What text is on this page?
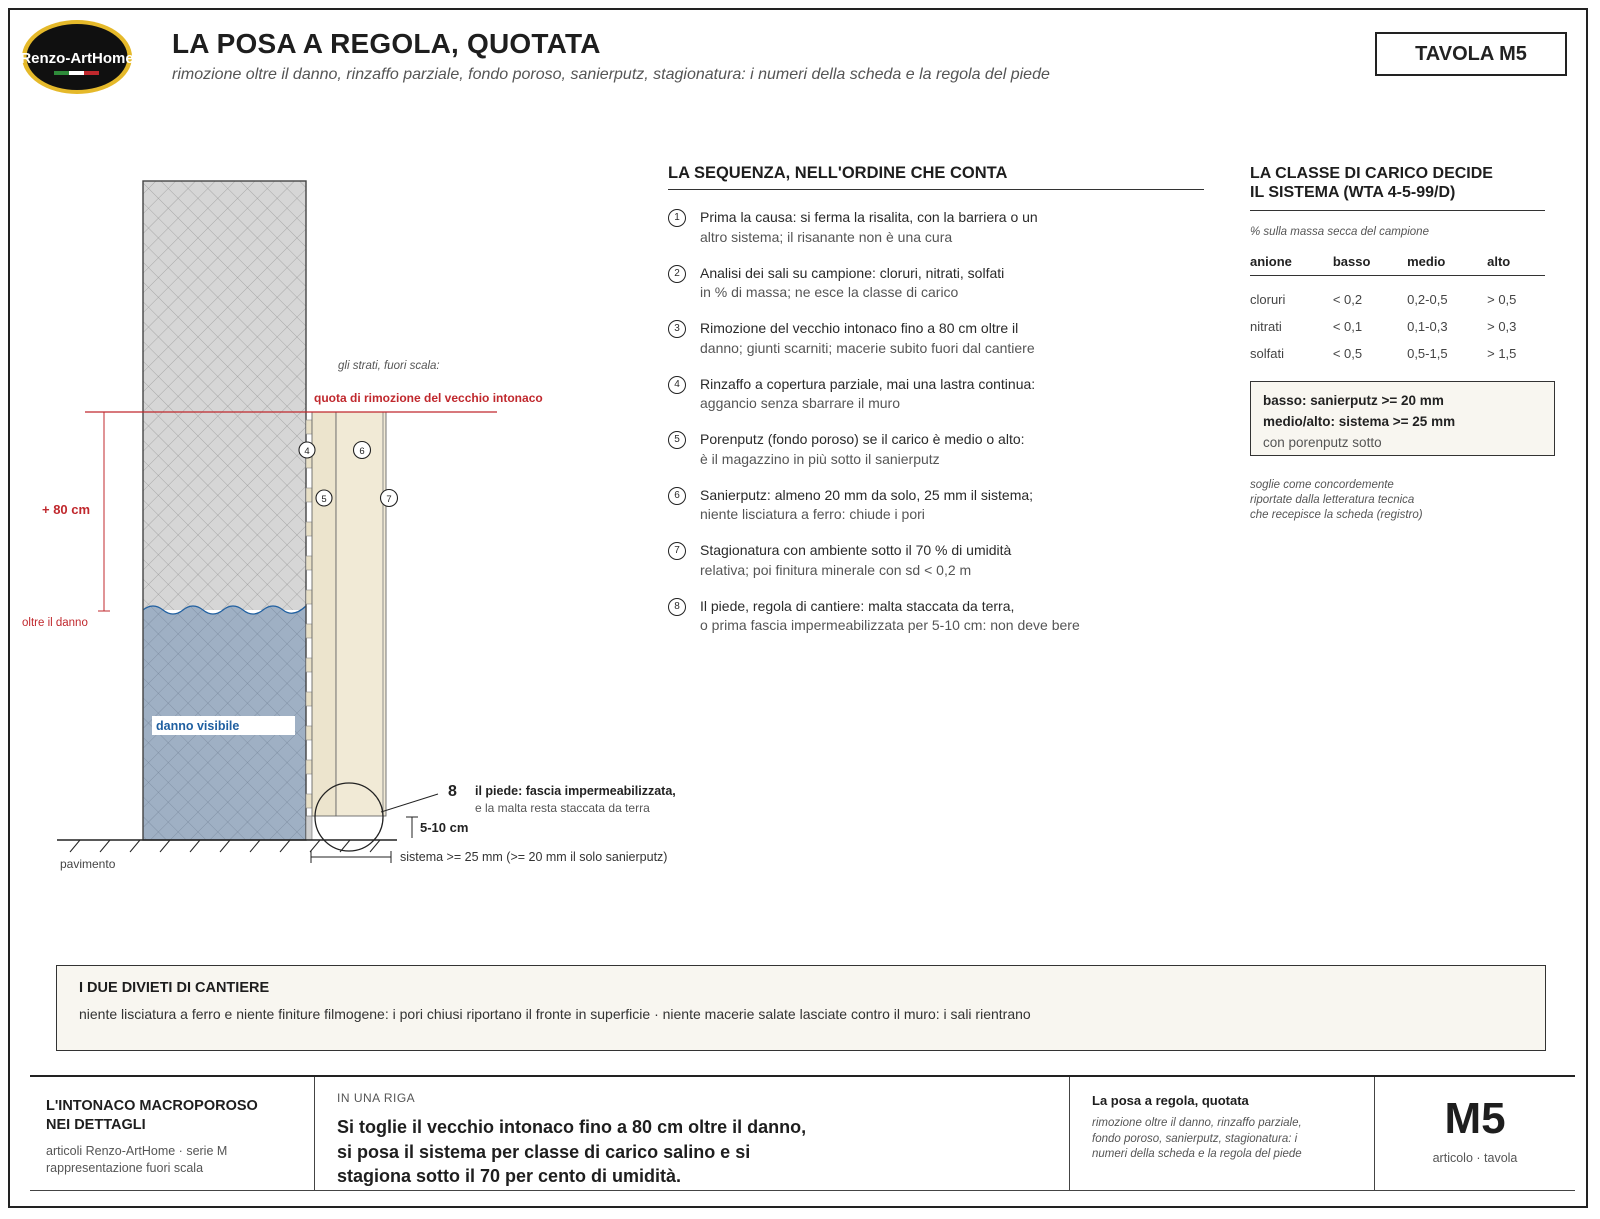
Renzo-ArtHome LA POSA A REGOLA, QUOTATA
rimozione oltre il danno, rinzaffo parziale, fondo poroso, sanierputz, stagionatura: i numeri della scheda e la regola del piede
TAVOLA M5
quota di rimozione del vecchio intonaco
+ 80 cm
oltre il danno
gli strati, fuori scala:
danno visibile
4
5
6
7
8 il piede: fascia impermeabilizzata,
e la malta resta staccata da terra
5-10 cm
pavimento	sistema >= 25 mm (>= 20 mm il solo sanierputz)
LA SEQUENZA, NELL'ORDINE CHE CONTA
1	Prima la causa: si ferma la risalita, con la barriera o un
altro sistema; il risanante non è una cura
2	Analisi dei sali su campione: cloruri, nitrati, solfati
in % di massa; ne esce la classe di carico
3	Rimozione del vecchio intonaco fino a 80 cm oltre il
danno; giunti scarniti; macerie subito fuori dal cantiere
4	Rinzaffo a copertura parziale, mai una lastra continua:
aggancio senza sbarrare il muro
5	Porenputz (fondo poroso) se il carico è medio o alto:
è il magazzino in più sotto il sanierputz
6	Sanierputz: almeno 20 mm da solo, 25 mm il sistema;
niente lisciatura a ferro: chiude i pori
7	Stagionatura con ambiente sotto il 70 % di umidità
relativa; poi finitura minerale con sd < 0,2 m
8	Il piede, regola di cantiere: malta staccata da terra,
o prima fascia impermeabilizzata per 5-10 cm: non deve bere
LA CLASSE DI CARICO DECIDE
IL SISTEMA (WTA 4-5-99/D)
% sulla massa secca del campione
anione	basso	medio	alto
cloruri	< 0,2	0,2-0,5	> 0,5
nitrati	< 0,1	0,1-0,3	> 0,3
solfati	< 0,5	0,5-1,5	> 1,5
basso: sanierputz >= 20 mm
medio/alto: sistema >= 25 mm
con porenputz sotto
soglie come concordemente
riportate dalla letteratura tecnica
che recepisce la scheda (registro)
I DUE DIVIETI DI CANTIERE

niente lisciatura a ferro e niente finiture filmogene: i pori chiusi riportano il fronte in superficie · niente macerie salate lasciate contro il muro: i sali rientrano

L'INTONACO MACROPOROSO
NEI DETTAGLI
articoli Renzo-ArtHome · serie M
rappresentazione fuori scala
IN UNA RIGA
Si toglie il vecchio intonaco fino a 80 cm oltre il danno,
si posa il sistema per classe di carico salino e si
stagiona sotto il 70 per cento di umidità.
La posa a regola, quotata
rimozione oltre il danno, rinzaffo parziale,
fondo poroso, sanierputz, stagionatura: i
numeri della scheda e la regola del piede
M5
articolo · tavola
